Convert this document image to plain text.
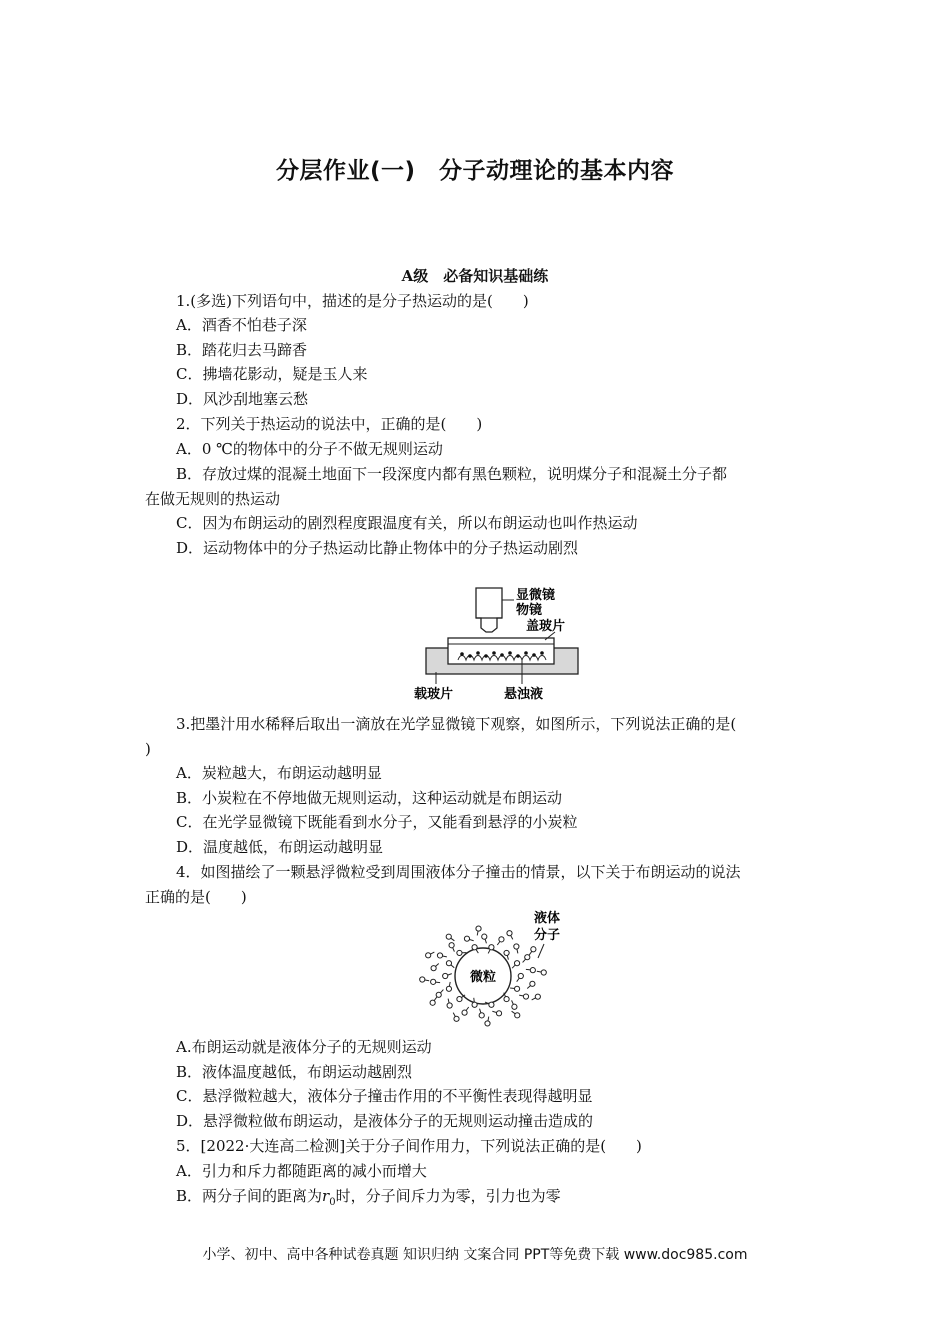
分层作业(一)　分子动理论的基本内容
A级　必备知识基础练
1.(多选)下列语句中，描述的是分子热运动的是(　　)
A．酒香不怕巷子深
B．踏花归去马蹄香
C．拂墙花影动，疑是玉人来
D．风沙刮地塞云愁
2．下列关于热运动的说法中，正确的是(　　)
A．0 ℃的物体中的分子不做无规则运动
B．存放过煤的混凝土地面下一段深度内都有黑色颗粒，说明煤分子和混凝土分子都
在做无规则的热运动
C．因为布朗运动的剧烈程度跟温度有关，所以布朗运动也叫作热运动
D．运动物体中的分子热运动比静止物体中的分子热运动剧烈
显微镜
物镜
盖玻片
载玻片	悬浊液
3.把墨汁用水稀释后取出一滴放在光学显微镜下观察，如图所示，下列说法正确的是(
)
A．炭粒越大，布朗运动越明显
B．小炭粒在不停地做无规则运动，这种运动就是布朗运动
C．在光学显微镜下既能看到水分子，又能看到悬浮的小炭粒
D．温度越低，布朗运动越明显
4．如图描绘了一颗悬浮微粒受到周围液体分子撞击的情景，以下关于布朗运动的说法
正确的是(　　)
微粒
液体
分子
A.布朗运动就是液体分子的无规则运动
B．液体温度越低，布朗运动越剧烈
C．悬浮微粒越大，液体分子撞击作用的不平衡性表现得越明显
D．悬浮微粒做布朗运动，是液体分子的无规则运动撞击造成的
5．[2022·大连高二检测]关于分子间作用力，下列说法正确的是(　　)
A．引力和斥力都随距离的减小而增大
B．两分子间的距离为$r_0$时，分子间斥力为零，引力也为零
小学、初中、高中各种试卷真题 知识归纳 文案合同 PPT等免费下载 www.doc985.com
